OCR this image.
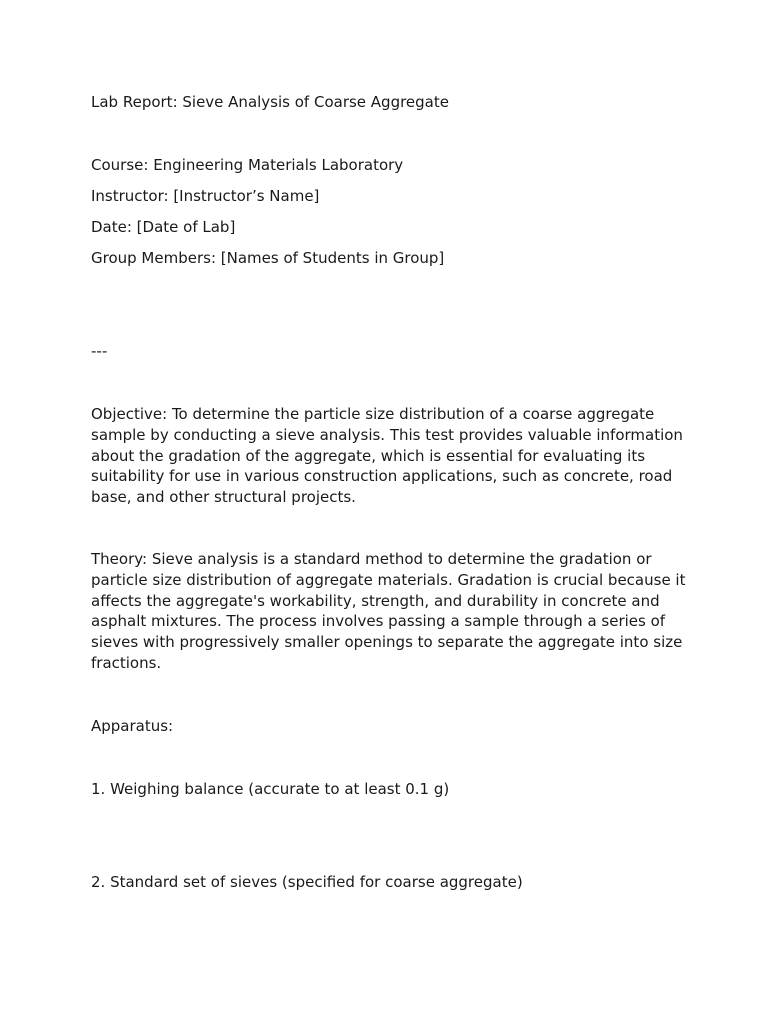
Lab Report: Sieve Analysis of Coarse Aggregate
Course: Engineering Materials Laboratory
Instructor: [Instructor’s Name]
Date: [Date of Lab]
Group Members: [Names of Students in Group]
---
Objective: To determine the particle size distribution of a coarse aggregate sample by conducting a sieve analysis. This test provides valuable information about the gradation of the aggregate, which is essential for evaluating its suitability for use in various construction applications, such as concrete, road base, and other structural projects.
Theory: Sieve analysis is a standard method to determine the gradation or particle size distribution of aggregate materials. Gradation is crucial because it affects the aggregate's workability, strength, and durability in concrete and asphalt mixtures. The process involves passing a sample through a series of sieves with progressively smaller openings to separate the aggregate into size fractions.
Apparatus:
1. Weighing balance (accurate to at least 0.1 g)
2. Standard set of sieves (specified for coarse aggregate)
